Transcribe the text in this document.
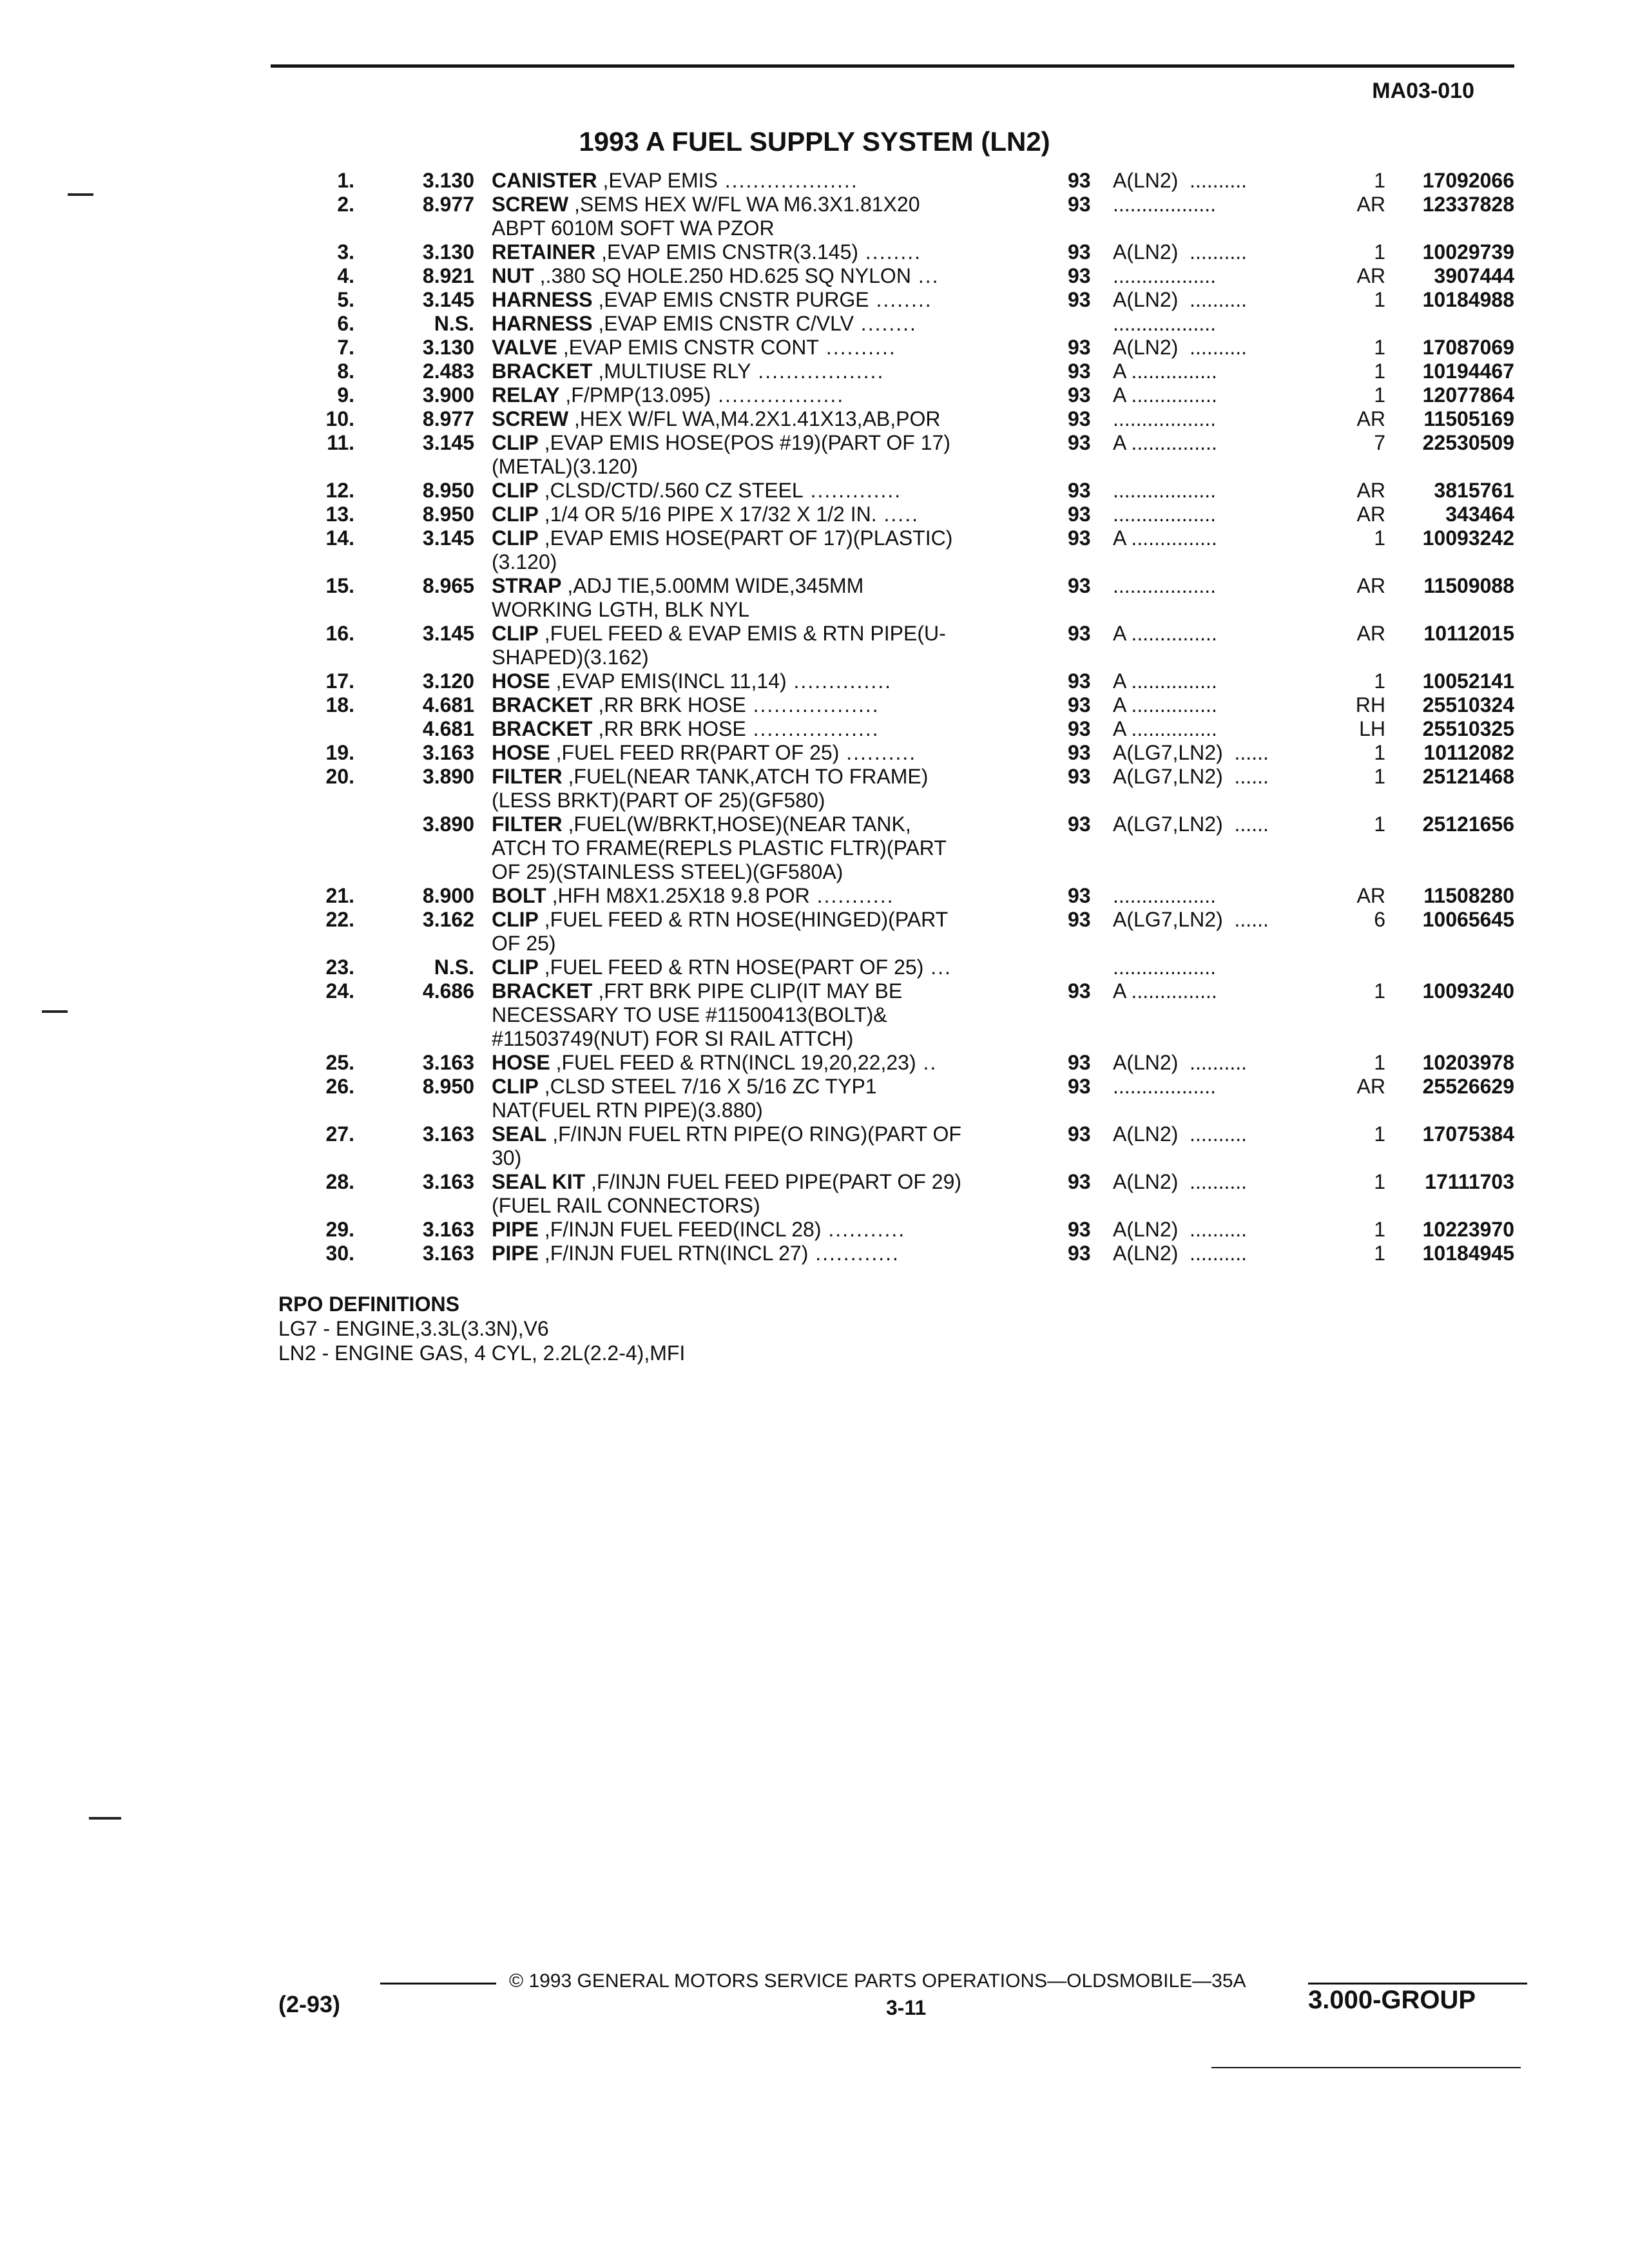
MA03-010
1993 A FUEL SUPPLY SYSTEM (LN2)
1.	3.130 CANISTER ,EVAP EMIS ...................	93 A(LN2)  ..........	1	17092066
2.	8.977 SCREW ,SEMS HEX W/FL WA M6.3X1.81X20
ABPT 6010M SOFT WA PZOR
93 ..................	AR	12337828
3.	3.130 RETAINER ,EVAP EMIS CNSTR(3.145) ........	93 A(LN2)  ..........	1	10029739
4.	8.921 NUT ,.380 SQ HOLE.250 HD.625 SQ NYLON ...	93 ..................	AR	3907444
5.	3.145 HARNESS ,EVAP EMIS CNSTR PURGE ........	93 A(LN2)  ..........	1	10184988
6.	N.S. HARNESS ,EVAP EMIS CNSTR C/VLV ........	..................
7.	3.130 VALVE ,EVAP EMIS CNSTR CONT ..........	93 A(LN2)  ..........	1	17087069
8.	2.483 BRACKET ,MULTIUSE RLY ..................	93 A ...............	1	10194467
9.	3.900 RELAY ,F/PMP(13.095) ..................	93 A ...............	1	12077864
10.	8.977 SCREW ,HEX W/FL WA,M4.2X1.41X13,AB,POR	93 ..................	AR	11505169
11.	3.145 CLIP ,EVAP EMIS HOSE(POS #19)(PART OF 17)
(METAL)(3.120)
93 A ...............	7	22530509
12.	8.950 CLIP ,CLSD/CTD/.560 CZ STEEL .............	93 ..................	AR	3815761
13.	8.950 CLIP ,1/4 OR 5/16 PIPE X 17/32 X 1/2 IN. .....	93 ..................	AR	343464
14.	3.145 CLIP ,EVAP EMIS HOSE(PART OF 17)(PLASTIC)
(3.120)
93 A ...............	1	10093242
15.	8.965 STRAP ,ADJ TIE,5.00MM WIDE,345MM
WORKING LGTH, BLK NYL
93 ..................	AR	11509088
16.	3.145 CLIP ,FUEL FEED & EVAP EMIS & RTN PIPE(U-
SHAPED)(3.162)
93 A ...............	AR	10112015
17.	3.120 HOSE ,EVAP EMIS(INCL 11,14) ..............	93 A ...............	1	10052141
18.	4.681 BRACKET ,RR BRK HOSE ..................	93 A ...............	RH	25510324
4.681 BRACKET ,RR BRK HOSE ..................	93 A ...............	LH	25510325
19.	3.163 HOSE ,FUEL FEED RR(PART OF 25) ..........	93 A(LG7,LN2)  ......	1	10112082
20.	3.890 FILTER ,FUEL(NEAR TANK,ATCH TO FRAME)
(LESS BRKT)(PART OF 25)(GF580)
93 A(LG7,LN2)  ......	1	25121468
3.890 FILTER ,FUEL(W/BRKT,HOSE)(NEAR TANK,
ATCH TO FRAME(REPLS PLASTIC FLTR)(PART
OF 25)(STAINLESS STEEL)(GF580A)
93 A(LG7,LN2)  ......	1	25121656
21.	8.900 BOLT ,HFH M8X1.25X18 9.8 POR ...........	93 ..................	AR	11508280
22.	3.162 CLIP ,FUEL FEED & RTN HOSE(HINGED)(PART
OF 25)
93 A(LG7,LN2)  ......	6	10065645
23.	N.S. CLIP ,FUEL FEED & RTN HOSE(PART OF 25) ...	..................
24.	4.686 BRACKET ,FRT BRK PIPE CLIP(IT MAY BE
NECESSARY TO USE #11500413(BOLT)&
#11503749(NUT) FOR SI RAIL ATTCH)
93 A ...............	1	10093240
25.	3.163 HOSE ,FUEL FEED & RTN(INCL 19,20,22,23) ..	93 A(LN2)  ..........	1	10203978
26.	8.950 CLIP ,CLSD STEEL 7/16 X 5/16 ZC TYP1
NAT(FUEL RTN PIPE)(3.880)
93 ..................	AR	25526629
27.	3.163 SEAL ,F/INJN FUEL RTN PIPE(O RING)(PART OF
30)
93 A(LN2)  ..........	1	17075384
28.	3.163 SEAL KIT ,F/INJN FUEL FEED PIPE(PART OF 29)
(FUEL RAIL CONNECTORS)
93 A(LN2)  ..........	1	17111703
29.	3.163 PIPE ,F/INJN FUEL FEED(INCL 28) ...........	93 A(LN2)  ..........	1	10223970
30.	3.163 PIPE ,F/INJN FUEL RTN(INCL 27) ............	93 A(LN2)  ..........	1	10184945
RPO DEFINITIONS
LG7 - ENGINE,3.3L(3.3N),V6
LN2 - ENGINE GAS, 4 CYL, 2.2L(2.2-4),MFI
© 1993 GENERAL MOTORS SERVICE PARTS OPERATIONS—OLDSMOBILE—35A
(2-93)	3-11	3.000-GROUP
